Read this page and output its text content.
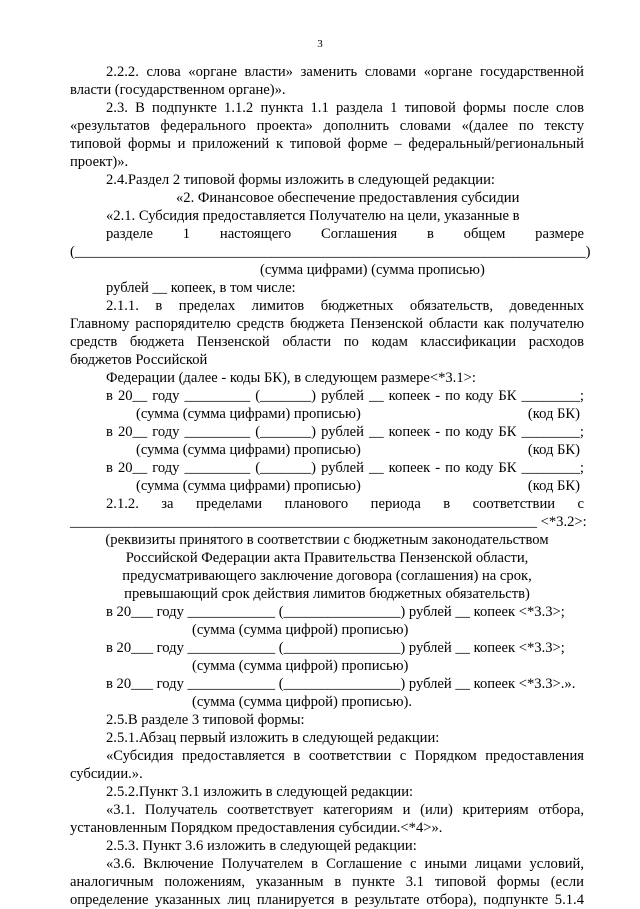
3

2.2.2. слова «органе власти» заменить словами «органе государственной

власти (государственном органе)».

2.3. В подпункте 1.1.2 пункта 1.1 раздела 1 типовой формы после слов

«результатов федерального проекта» дополнить словами «(далее по тексту

типовой формы и приложений к типовой форме – федеральный/региональный

проект)».

2.4.Раздел 2 типовой формы изложить в следующей редакции:

«2. Финансовое обеспечение предоставления субсидии

«2.1. Субсидия предоставляется Получателю на цели, указанные в

разделе 1 настоящего Соглашения в общем размере

(______________________________________________________________________)

(сумма цифрами) (сумма прописью)

рублей __ копеек, в том числе:

2.1.1. в пределах лимитов бюджетных обязательств, доведенных

Главному распорядителю средств бюджета Пензенской области как получателю

средств бюджета Пензенской области по кодам классификации расходов

бюджетов Российской

Федерации (далее - коды БК), в следующем размере<*3.1>:

в 20__ году _________ (_______) рублей __ копеек - по коду БК ________;

(сумма (сумма цифрами) прописью)	(код БК)

в 20__ году _________ (_______) рублей __ копеек - по коду БК ________;

(сумма (сумма цифрами) прописью)	(код БК)

в 20__ году _________ (_______) рублей __ копеек - по коду БК ________;

(сумма (сумма цифрами) прописью)	(код БК)

2.1.2. за пределами планового периода в соответствии с

________________________________________________________________ <*3.2>:

(реквизиты принятого в соответствии с бюджетным законодательством

Российской Федерации акта Правительства Пензенской области,

предусматривающего заключение договора (соглашения) на срок,

превышающий срок действия лимитов бюджетных обязательств)

в 20___ году ____________ (________________) рублей __ копеек <*3.3>;

(сумма (сумма цифрой) прописью)

в 20___ году ____________ (________________) рублей __ копеек <*3.3>;

(сумма (сумма цифрой) прописью)

в 20___ году ____________ (________________) рублей __ копеек <*3.3>.».

(сумма (сумма цифрой) прописью).

2.5.В разделе 3 типовой формы:

2.5.1.Абзац первый изложить в следующей редакции:

«Субсидия предоставляется в соответствии с Порядком предоставления

субсидии.».

2.5.2.Пункт 3.1 изложить в следующей редакции:

«3.1. Получатель соответствует категориям и (или) критериям отбора,

установленным Порядком предоставления субсидии.<*4>».

2.5.3. Пункт 3.6 изложить в следующей редакции:

«3.6. Включение Получателем в Соглашение с иными лицами условий,

аналогичным положениям, указанным в пункте 3.1 типовой формы (если

определение указанных лиц планируется в результате отбора), подпункте 5.1.4
